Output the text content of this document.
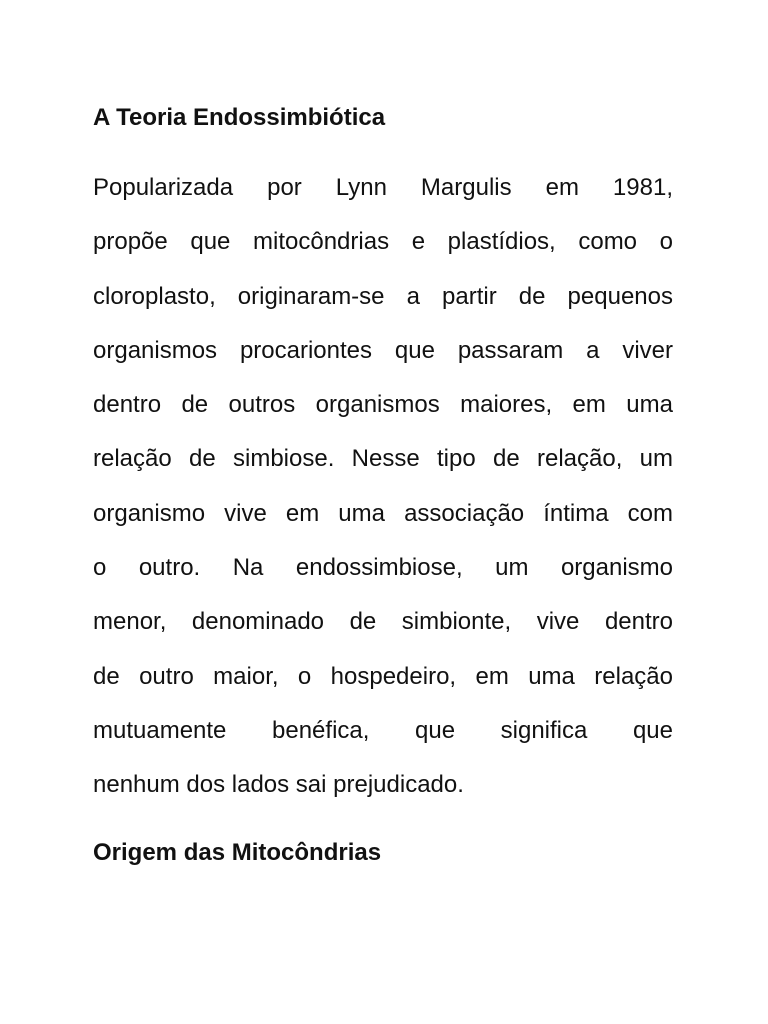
A Teoria Endossimbiótica
Popularizada por Lynn Margulis em 1981,
propõe que mitocôndrias e plastídios, como o
cloroplasto, originaram-se a partir de pequenos
organismos procariontes que passaram a viver
dentro de outros organismos maiores, em uma
relação de simbiose. Nesse tipo de relação, um
organismo vive em uma associação íntima com
o outro. Na endossimbiose, um organismo
menor, denominado de simbionte, vive dentro
de outro maior, o hospedeiro, em uma relação
mutuamente benéfica, que significa que
nenhum dos lados sai prejudicado.
Origem das Mitocôndrias
